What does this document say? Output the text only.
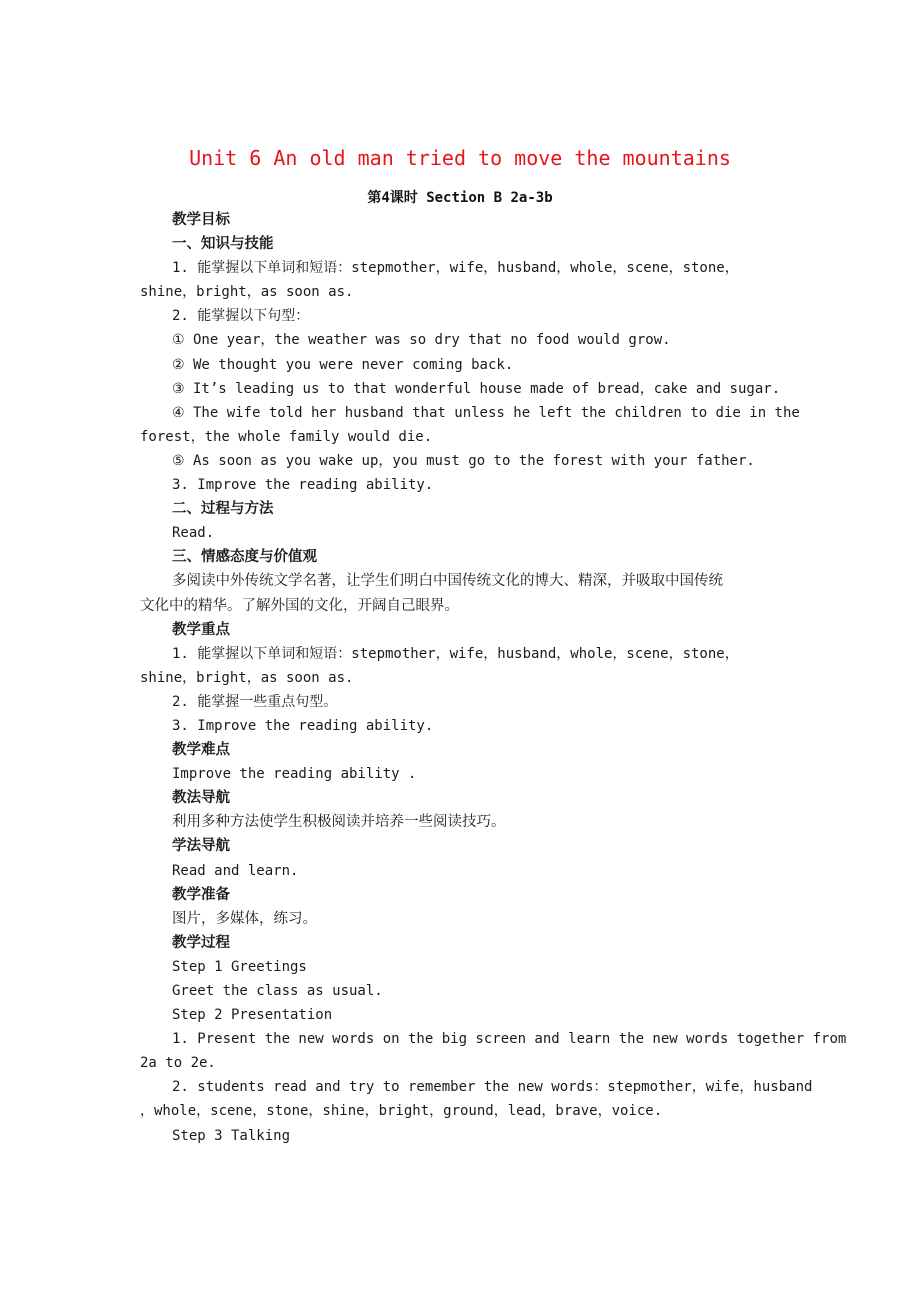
Unit 6 An old man tried to move the mountains
第4课时 Section B 2a-3b
教学目标
一、知识与技能
1. 能掌握以下单词和短语：stepmother，wife，husband，whole，scene，stone，
shine，bright，as soon as.
2. 能掌握以下句型：
① One year，the weather was so dry that no food would grow.
② We thought you were never coming back.
③ It’s leading us to that wonderful house made of bread，cake and sugar.
④ The wife told her husband that unless he left the children to die in the
forest，the whole family would die.
⑤ As soon as you wake up，you must go to the forest with your father.
3. Improve the reading ability.
二、过程与方法
Read.
三、情感态度与价值观
多阅读中外传统文学名著，让学生们明白中国传统文化的博大、精深，并吸取中国传统
文化中的精华。了解外国的文化，开阔自己眼界。
教学重点
1. 能掌握以下单词和短语：stepmother，wife，husband，whole，scene，stone，
shine，bright，as soon as.
2. 能掌握一些重点句型。
3. Improve the reading ability.
教学难点
Improve the reading ability .
教法导航
利用多种方法使学生积极阅读并培养一些阅读技巧。
学法导航
Read and learn.
教学准备
图片，多媒体，练习。
教学过程
Step 1 Greetings
Greet the class as usual.
Step 2 Presentation
1. Present the new words on the big screen and learn the new words together from
2a to 2e.
2. students read and try to remember the new words：stepmother，wife，husband
，whole，scene，stone，shine，bright，ground，lead，brave，voice.
Step 3 Talking
